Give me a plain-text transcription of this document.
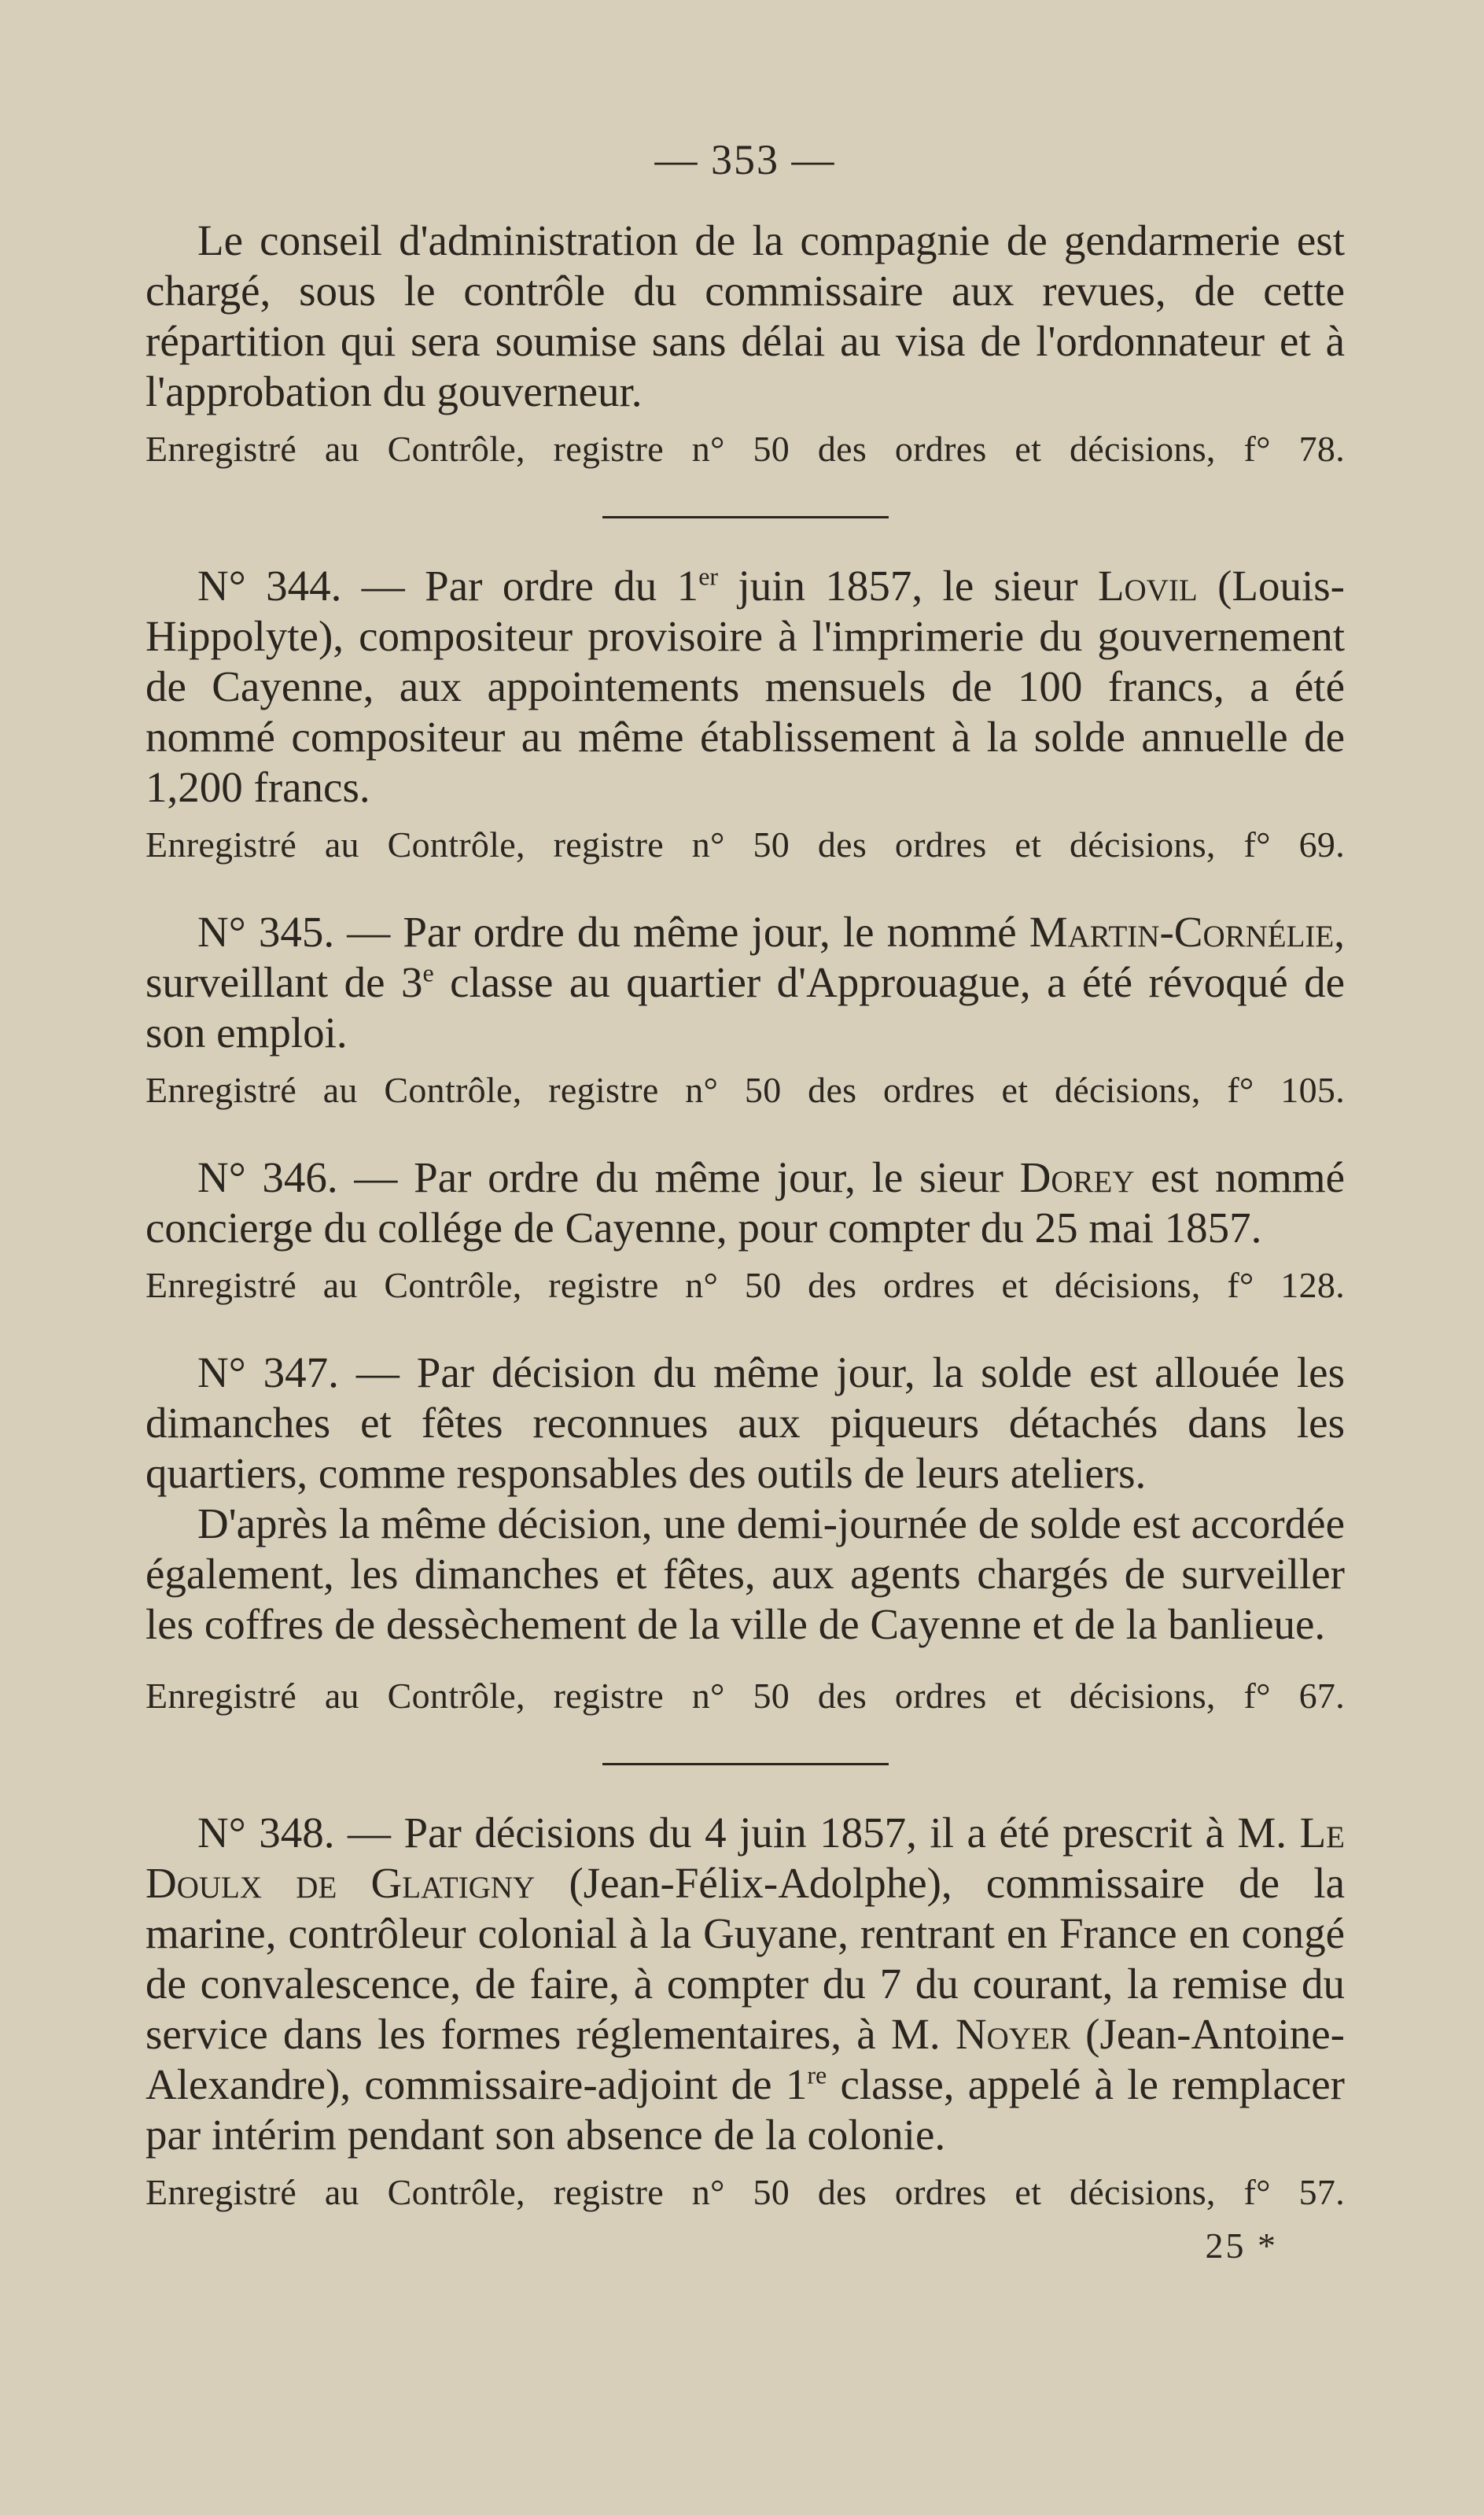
— 353 —

Le conseil d'administration de la compagnie de gendarmerie est chargé, sous le contrôle du commissaire aux revues, de cette répartition qui sera soumise sans délai au visa de l'ordonnateur et à l'approbation du gouverneur.

Enregistré au Contrôle, registre n° 50 des ordres et décisions, f° 78.

N° 344. — Par ordre du 1er juin 1857, le sieur Lovil (Louis-Hippolyte), compositeur provisoire à l'imprimerie du gouvernement de Cayenne, aux appointements mensuels de 100 francs, a été nommé compositeur au même établissement à la solde annuelle de 1,200 francs.

Enregistré au Contrôle, registre n° 50 des ordres et décisions, f° 69.

N° 345. — Par ordre du même jour, le nommé Martin-Cornélie, surveillant de 3e classe au quartier d'Approuague, a été révoqué de son emploi.

Enregistré au Contrôle, registre n° 50 des ordres et décisions, f° 105.

N° 346. — Par ordre du même jour, le sieur Dorey est nommé concierge du collége de Cayenne, pour compter du 25 mai 1857.

Enregistré au Contrôle, registre n° 50 des ordres et décisions, f° 128.

N° 347. — Par décision du même jour, la solde est allouée les dimanches et fêtes reconnues aux piqueurs détachés dans les quartiers, comme responsables des outils de leurs ateliers.

D'après la même décision, une demi-journée de solde est accordée également, les dimanches et fêtes, aux agents chargés de surveiller les coffres de dessèchement de la ville de Cayenne et de la banlieue.

Enregistré au Contrôle, registre n° 50 des ordres et décisions, f° 67.

N° 348. — Par décisions du 4 juin 1857, il a été prescrit à M. Le Doulx de Glatigny (Jean-Félix-Adolphe), commissaire de la marine, contrôleur colonial à la Guyane, rentrant en France en congé de convalescence, de faire, à compter du 7 du courant, la remise du service dans les formes réglementaires, à M. Noyer (Jean-Antoine-Alexandre), commissaire-adjoint de 1re classe, appelé à le remplacer par intérim pendant son absence de la colonie.

Enregistré au Contrôle, registre n° 50 des ordres et décisions, f° 57.

25 *
